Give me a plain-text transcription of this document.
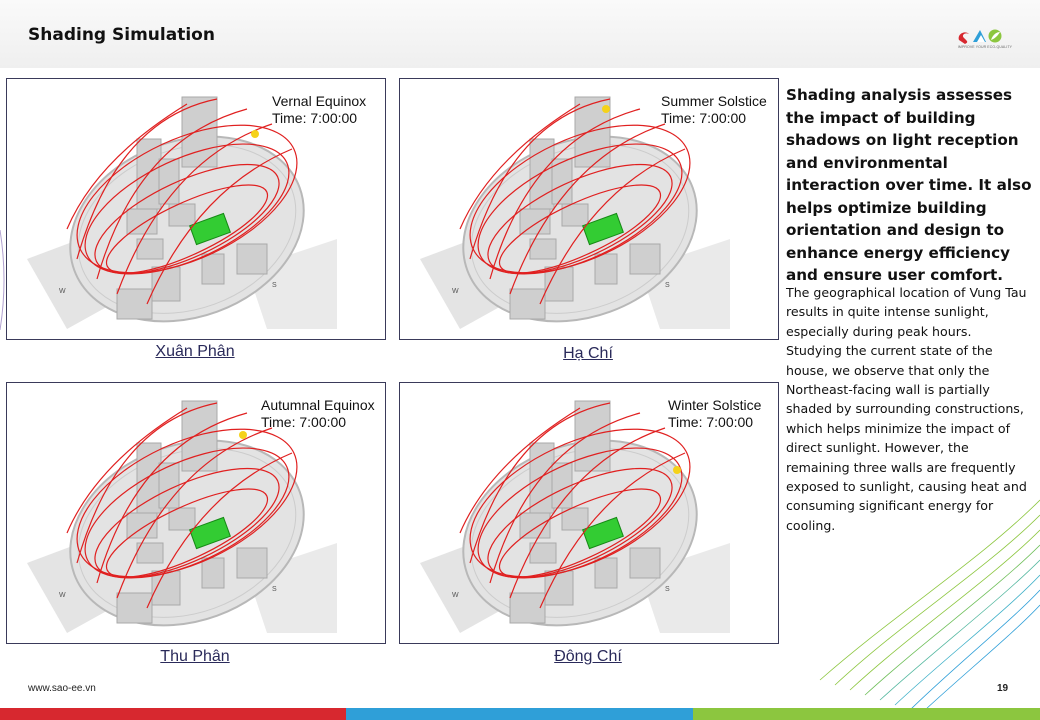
Shading Simulation
IMPROVE YOUR ECO-QUALITY
Vernal Equinox
Time: 7:00:00
Xuân Phân
Summer Solstice
Time: 7:00:00
Hạ Chí
Autumnal Equinox
Time: 7:00:00
Thu Phân
Winter Solstice
Time: 7:00:00
Đông Chí
Shading analysis assesses the impact of building shadows on light reception and environmental interaction over time. It also helps optimize building orientation and design to enhance energy efficiency and ensure user comfort.
The geographical location of Vung Tau results in quite intense sunlight, especially during peak hours. Studying the current state of the house, we observe that only the Northeast-facing wall is partially shaded by surrounding constructions, which helps minimize the impact of direct sunlight. However, the remaining three walls are frequently exposed to sunlight, causing heat and consuming significant energy for cooling.
www.sao-ee.vn	19
